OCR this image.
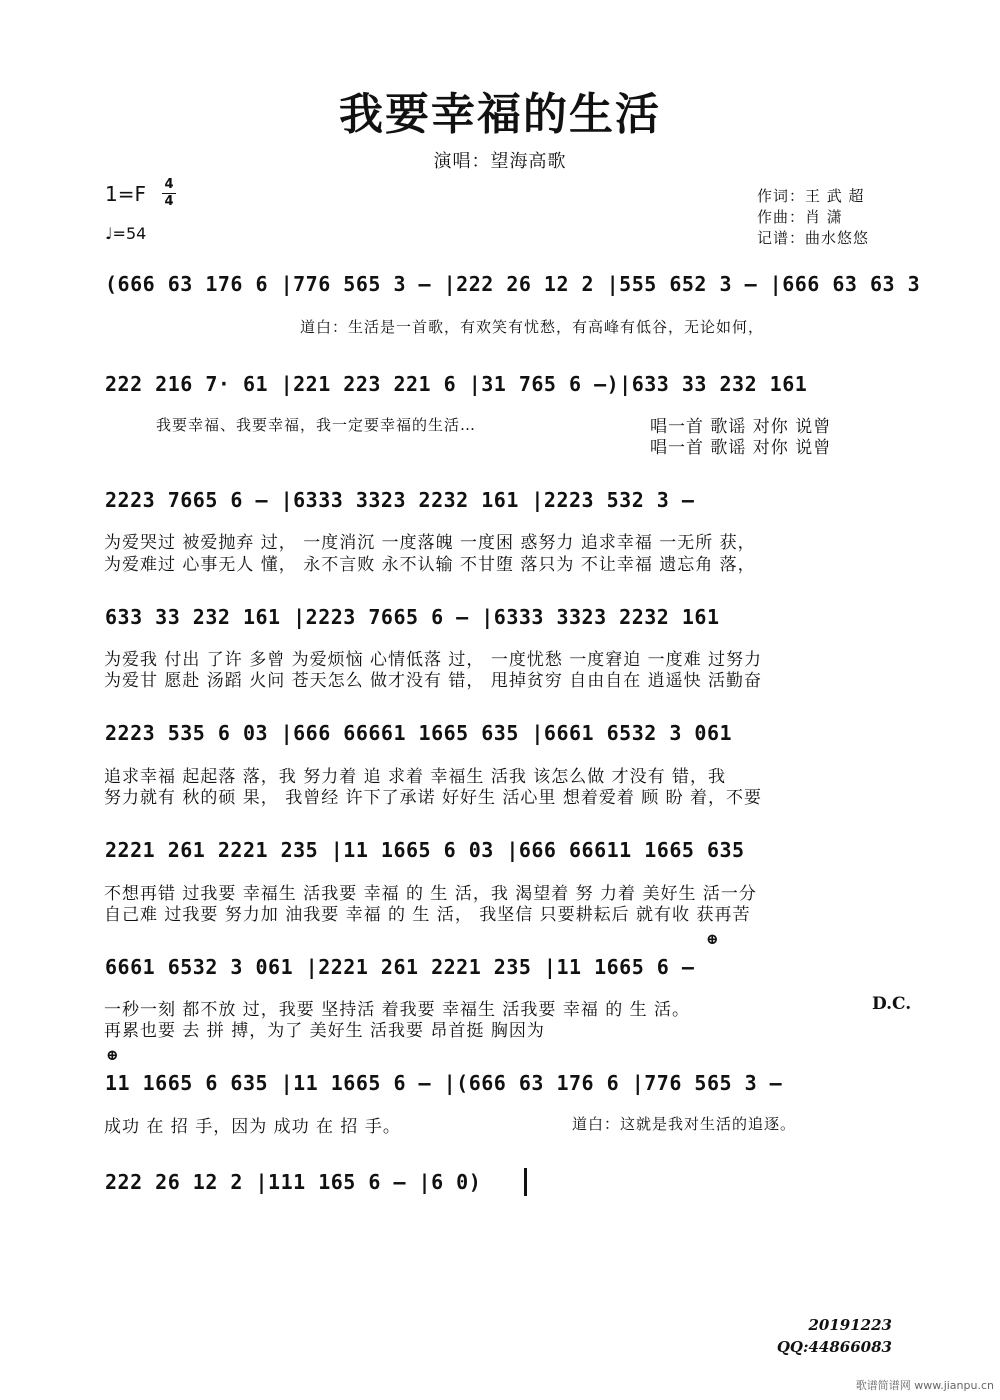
我要幸福的生活
演唱：望海高歌
1=F 4
4
♩=54
作词：王 武 超
作曲：肖 潇
记谱：曲水悠悠
(666 63 176 6 |776 565 3 – |222 26 12 2 |555 652 3 – |666 63 63 3
道白：生活是一首歌，有欢笑有忧愁，有高峰有低谷，无论如何，
222 216 7· 61 |221 223 221 6 |31 765 6 –)|633 33 232 161
我要幸福、我要幸福，我一定要幸福的生活…	唱一首 歌谣 对你 说曾
唱一首 歌谣 对你 说曾
2223 7665 6 – |6333 3323 2232 161 |2223 532 3 –
为爱哭过 被爱抛弃 过， 一度消沉 一度落魄 一度困 惑努力 追求幸福 一无所 获，
为爱难过 心事无人 懂， 永不言败 永不认输 不甘堕 落只为 不让幸福 遗忘角 落，
633 33 232 161 |2223 7665 6 – |6333 3323 2232 161
为爱我 付出 了许 多曾 为爱烦恼 心情低落 过， 一度忧愁 一度窘迫 一度难 过努力
为爱甘 愿赴 汤蹈 火问 苍天怎么 做才没有 错， 甩掉贫穷 自由自在 逍遥快 活勤奋
2223 535 6 03 |666 66661 1665 635 |6661 6532 3 061
追求幸福 起起落 落，我 努力着 追 求着 幸福生 活我 该怎么做 才没有 错，我
努力就有 秋的硕 果， 我曾经 许下了承诺 好好生 活心里 想着爱着 顾 盼 着，不要
2221 261 2221 235 |11 1665 6 03 |666 66611 1665 635
不想再错 过我要 幸福生 活我要 幸福 的 生 活，我 渴望着 努 力着 美好生 活一分
自己难 过我要 努力加 油我要 幸福 的 生 活， 我坚信 只要耕耘后 就有收 获再苦
⊕
6661 6532 3 061 |2221 261 2221 235 |11 1665 6 –
一秒一刻 都不放 过，我要 坚持活 着我要 幸福生 活我要 幸福 的 生 活。	D.C.
再累也要 去 拼 搏，为了 美好生 活我要 昂首挺 胸因为
⊕
11 1665 6 635 |11 1665 6 – |(666 63 176 6 |776 565 3 –
成功 在 招 手，因为 成功 在 招 手。	道白：这就是我对生活的追逐。
222 26 12 2 |111 165 6 – |6 0)
20191223
QQ:44866083
歌谱简谱网 www.jianpu.cn
